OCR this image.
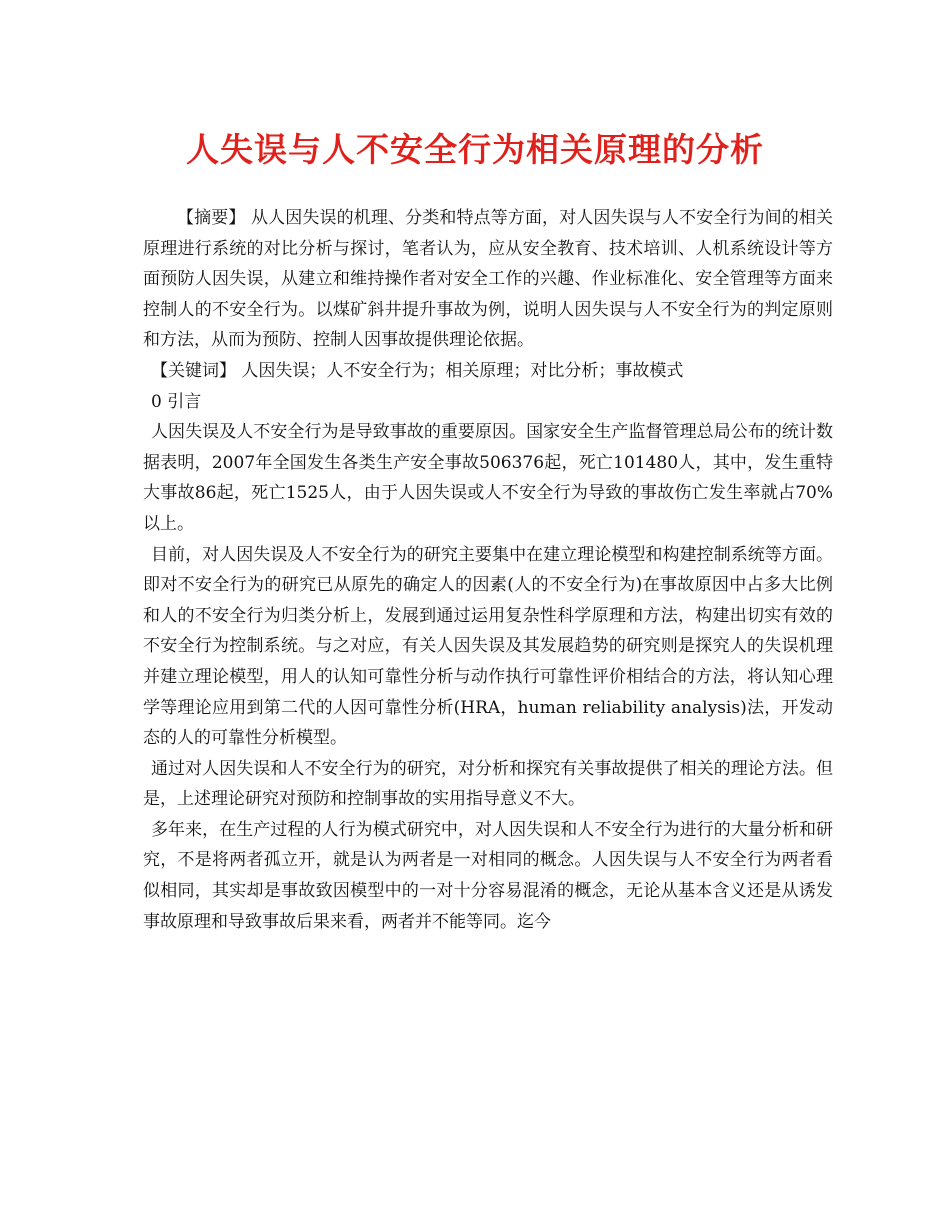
人失误与人不安全行为相关原理的分析

【摘要】 从人因失误的机理、分类和特点等方面，对人因失误与人不安全行为间的相关原理进行系统的对比分析与探讨，笔者认为，应从安全教育、技术培训、人机系统设计等方面预防人因失误，从建立和维持操作者对安全工作的兴趣、作业标准化、安全管理等方面来控制人的不安全行为。以煤矿斜井提升事故为例，说明人因失误与人不安全行为的判定原则和方法，从而为预防、控制人因事故提供理论依据。

【关键词】 人因失误；人不安全行为；相关原理；对比分析；事故模式

0 引言

人因失误及人不安全行为是导致事故的重要原因。国家安全生产监督管理总局公布的统计数据表明，2007年全国发生各类生产安全事故506376起，死亡101480人，其中，发生重特大事故86起，死亡1525人，由于人因失误或人不安全行为导致的事故伤亡发生率就占70%以上。

目前，对人因失误及人不安全行为的研究主要集中在建立理论模型和构建控制系统等方面。即对不安全行为的研究已从原先的确定人的因素(人的不安全行为)在事故原因中占多大比例和人的不安全行为归类分析上，发展到通过运用复杂性科学原理和方法，构建出切实有效的不安全行为控制系统。与之对应，有关人因失误及其发展趋势的研究则是探究人的失误机理并建立理论模型，用人的认知可靠性分析与动作执行可靠性评价相结合的方法，将认知心理学等理论应用到第二代的人因可靠性分析(HRA，human reliability analysis)法，开发动态的人的可靠性分析模型。

通过对人因失误和人不安全行为的研究，对分析和探究有关事故提供了相关的理论方法。但是，上述理论研究对预防和控制事故的实用指导意义不大。

多年来，在生产过程的人行为模式研究中，对人因失误和人不安全行为进行的大量分析和研究，不是将两者孤立开，就是认为两者是一对相同的概念。人因失误与人不安全行为两者看似相同，其实却是事故致因模型中的一对十分容易混淆的概念，无论从基本含义还是从诱发事故原理和导致事故后果来看，两者并不能等同。迄今
